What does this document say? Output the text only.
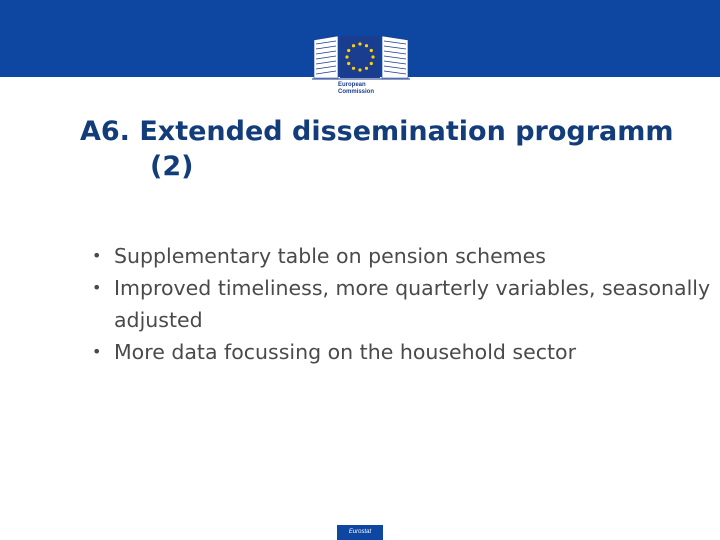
European
Commission
A6. Extended dissemination programm
(2)
• Supplementary table on pension schemes
• Improved timeliness, more quarterly variables, seasonally adjusted
• More data focussing on the household sector
Eurostat
